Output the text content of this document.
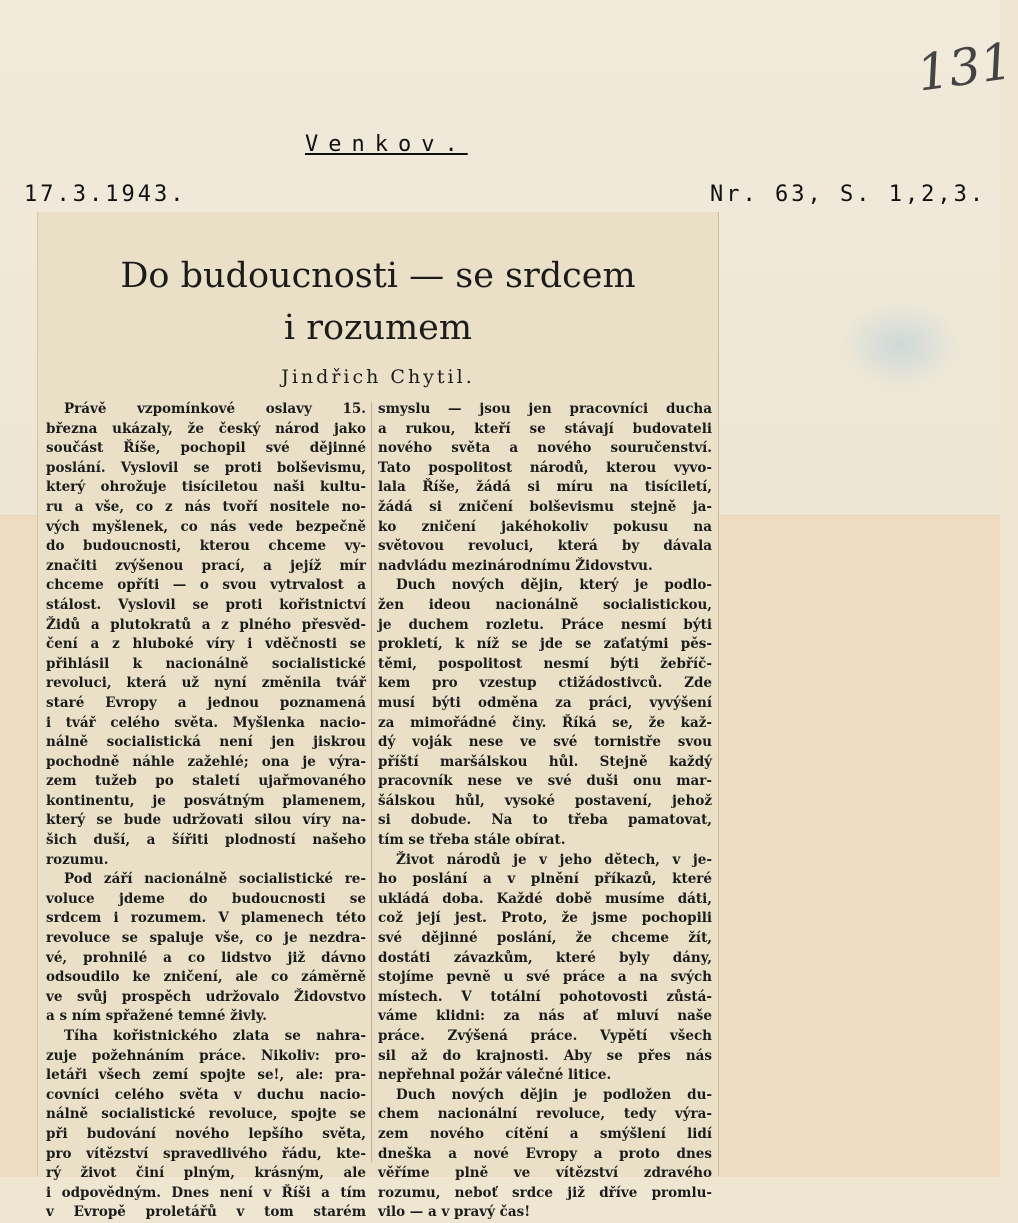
131
Venkov.
17.3.1943.	Nr. 63, S. 1,2,3.
Do budoucnosti — se srdcem
i rozumem
Jindřich Chytil.
Právě vzpomínkové oslavy 15.
března ukázaly, že český národ jako
součást Říše, pochopil své dějinné
poslání. Vyslovil se proti bolševismu,
který ohrožuje tisíciletou naši kultu-
ru a vše, co z nás tvoří nositele no-
vých myšlenek, co nás vede bezpečně
do budoucnosti, kterou chceme vy-
značiti zvýšenou prací, a jejíž mír
chceme opříti — o svou vytrvalost a
stálost. Vyslovil se proti kořistnictví
Židů a plutokratů a z plného přesvěd-
čení a z hluboké víry i vděčnosti se
přihlásil k nacionálně socialistické
revoluci, která už nyní změnila tvář
staré Evropy a jednou poznamená
i tvář celého světa. Myšlenka nacio-
nálně socialistická není jen jiskrou
pochodně náhle zažehlé; ona je výra-
zem tužeb po staletí ujařmovaného
kontinentu, je posvátným plamenem,
který se bude udržovati silou víry na-
šich duší, a šířiti plodností našeho
rozumu.
Pod září nacionálně socialistické re-
voluce jdeme do budoucnosti se
srdcem i rozumem. V plamenech této
revoluce se spaluje vše, co je nezdra-
vé, prohnilé a co lidstvo již dávno
odsoudilo ke zničení, ale co záměrně
ve svůj prospěch udržovalo Židovstvo
a s ním spřažené temné živly.
Tíha kořistnického zlata se nahra-
zuje požehnáním práce. Nikoliv: pro-
letáři všech zemí spojte se!, ale: pra-
covníci celého světa v duchu nacio-
nálně socialistické revoluce, spojte se
při budování nového lepšího světa,
pro vítězství spravedlivého řádu, kte-
rý život činí plným, krásným, ale
i odpovědným. Dnes není v Říši a tím
v Evropě proletářů v tom starém
smyslu — jsou jen pracovníci ducha
a rukou, kteří se stávají budovateli
nového světa a nového souručenství.
Tato pospolitost národů, kterou vyvo-
lala Říše, žádá si míru na tisíciletí,
žádá si zničení bolševismu stejně ja-
ko zničení jakéhokoliv pokusu na
světovou revoluci, která by dávala
nadvládu mezinárodnímu Židovstvu.
Duch nových dějin, který je podlo-
žen ideou nacionálně socialistickou,
je duchem rozletu. Práce nesmí býti
prokletí, k níž se jde se zaťatými pěs-
těmi, pospolitost nesmí býti žebříč-
kem pro vzestup ctižádostivců. Zde
musí býti odměna za práci, vyvýšení
za mimořádné činy. Říká se, že kaž-
dý voják nese ve své tornistře svou
příští maršálskou hůl. Stejně každý
pracovník nese ve své duši onu mar-
šálskou hůl, vysoké postavení, jehož
si dobude. Na to třeba pamatovat,
tím se třeba stále obírat.
Život národů je v jeho dětech, v je-
ho poslání a v plnění příkazů, které
ukládá doba. Každé době musíme dáti,
což její jest. Proto, že jsme pochopili
své dějinné poslání, že chceme žít,
dostáti závazkům, které byly dány,
stojíme pevně u své práce a na svých
místech. V totální pohotovosti zůstá-
váme klidni: za nás ať mluví naše
práce. Zvýšená práce. Vypětí všech
sil až do krajnosti. Aby se přes nás
nepřehnal požár válečné litice.
Duch nových dějin je podložen du-
chem nacionální revoluce, tedy výra-
zem nového cítění a smýšlení lidí
dneška a nové Evropy a proto dnes
věříme plně ve vítězství zdravého
rozumu, neboť srdce již dříve promlu-
vilo — a v pravý čas!
